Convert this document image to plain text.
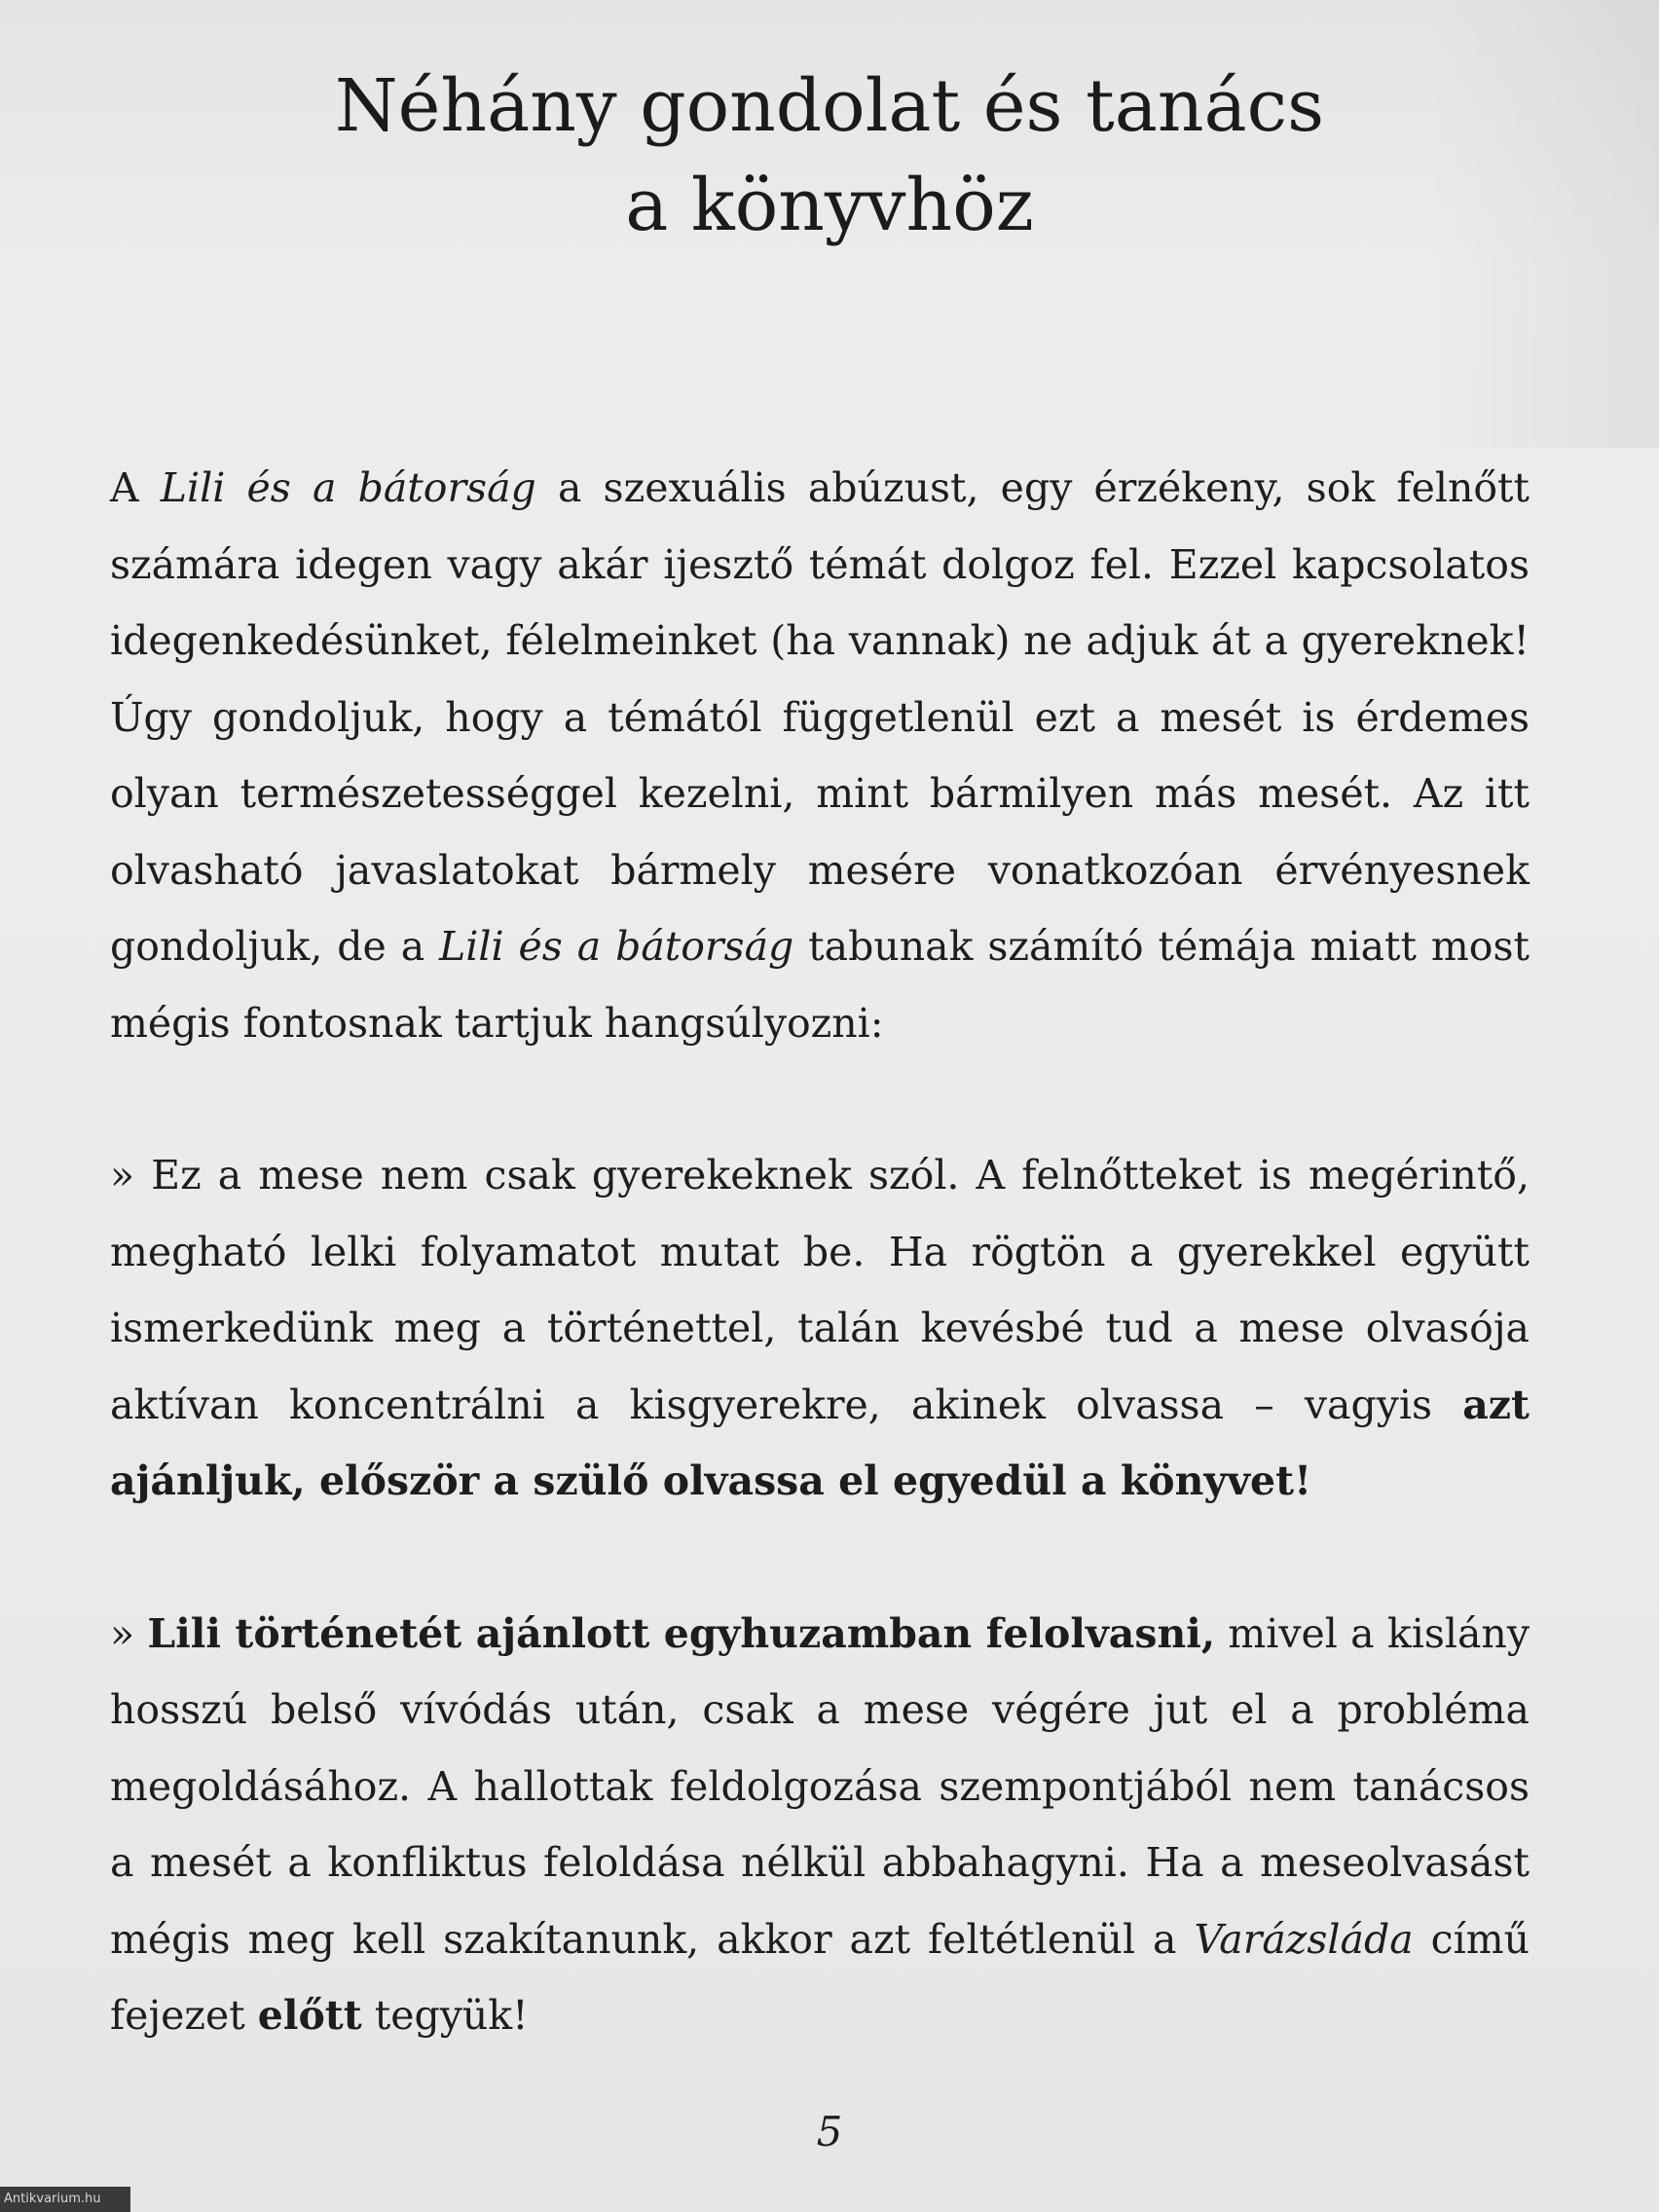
Néhány gondolat és tanács
a könyvhöz

A Lili és a bátorság a szexuális abúzust, egy érzékeny, sok felnőtt számára idegen vagy akár ijesztő témát dolgoz fel. Ezzel kapcsolatos idegenkedésünket, félelmeinket (ha vannak) ne adjuk át a gyereknek! Úgy gondoljuk, hogy a témától függetlenül ezt a mesét is érdemes olyan természetességgel kezelni, mint bármilyen más mesét. Az itt olvasható javaslatokat bármely mesére vonatkozóan érvényesnek gondoljuk, de a Lili és a bátorság tabunak számító témája miatt most mégis fontosnak tartjuk hangsúlyozni:

» Ez a mese nem csak gyerekeknek szól. A felnőtteket is megérintő, megható lelki folyamatot mutat be. Ha rögtön a gyerekkel együtt ismerkedünk meg a történettel, talán kevésbé tud a mese olvasója aktívan koncentrálni a kisgyerekre, akinek olvassa – vagyis azt ajánljuk, először a szülő olvassa el egyedül a könyvet!

» Lili történetét ajánlott egyhuzamban felolvasni, mivel a kislány hosszú belső vívódás után, csak a mese végére jut el a probléma megoldásához. A hallottak feldolgozása szempontjából nem tanácsos a mesét a konfliktus feloldása nélkül abbahagyni. Ha a meseolvasást mégis meg kell szakítanunk, akkor azt feltétlenül a Varázsláda című fejezet előtt tegyük!

5
Antikvarium.hu
